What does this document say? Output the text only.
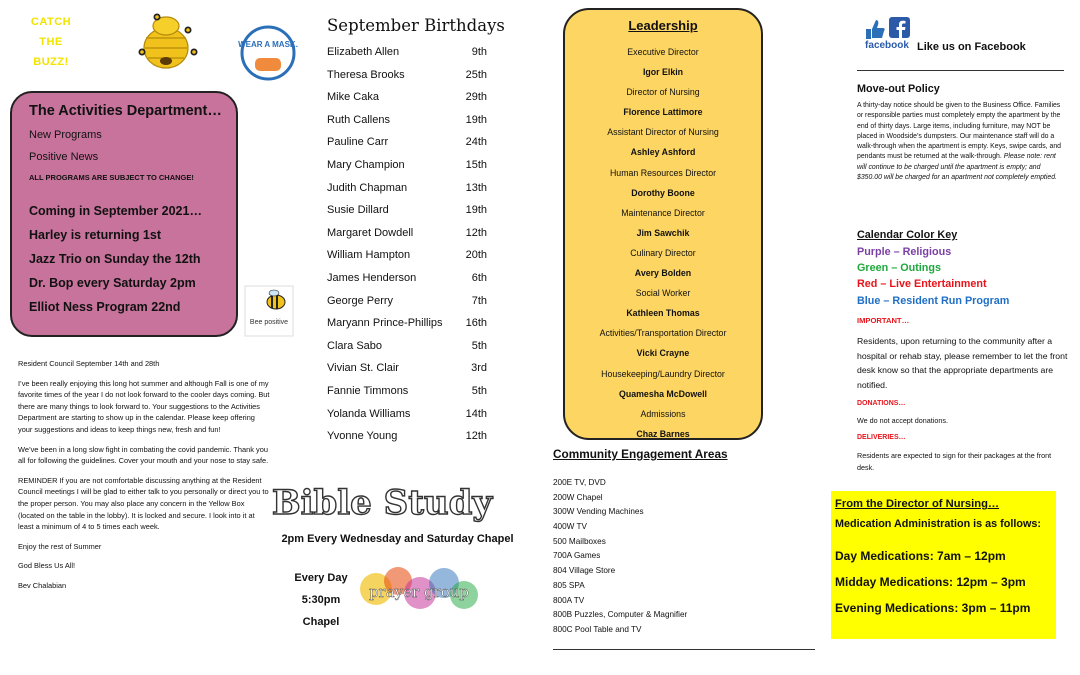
CATCH
THE
BUZZ!
WEAR A MASK.
The Activities Department…
New Programs
Positive News
ALL PROGRAMS ARE SUBJECT TO CHANGE!
Coming in September 2021…
Harley is returning 1st
Jazz Trio on Sunday the 12th
Dr. Bop every Saturday 2pm
Elliot Ness Program 22nd
Bee positive

Resident Council September 14th and 28th

I’ve been really enjoying this long hot summer and although Fall is one of my favorite times of the year I do not look forward to the cooler days coming. But there are many things to look forward to. Your suggestions to the Activities Department are starting to show up in the calendar. Please keep offering your suggestions and ideas to keep things new, fresh and fun!

We’ve been in a long slow fight in combating the covid pandemic. Thank you all for following the guidelines. Cover your mouth and your nose to stay safe.

REMINDER If you are not comfortable discussing anything at the Resident Council meetings I will be glad to either talk to you personally or direct you to the proper person. You may also place any concern in the Yellow Box (located on the table in the lobby). It is locked and secure. I look into it at least a minimum of 4 to 5 times each week.

Enjoy the rest of Summer

God Bless Us All!

Bev Chalabian

September Birthdays
Elizabeth Allen	9th
Theresa Brooks	25th
Mike Caka	29th
Ruth Callens	19th
Pauline Carr	24th
Mary Champion	15th
Judith Chapman	13th
Susie Dillard	19th
Margaret Dowdell	12th
William Hampton	20th
James Henderson	6th
George Perry	7th
Maryann Prince-Phillips 16th
Clara Sabo	5th
Vivian St. Clair	3rd
Fannie Timmons	5th
Yolanda Williams	14th
Yvonne Young	12th
Bible Study
2pm Every Wednesday and Saturday Chapel
Every Day
5:30pm
Chapel
prayer group
Leadership
Executive Director
Igor Elkin
Director of Nursing
Florence Lattimore
Assistant Director of Nursing
Ashley Ashford
Human Resources Director
Dorothy Boone
Maintenance Director
Jim Sawchik
Culinary Director
Avery Bolden
Social Worker
Kathleen Thomas
Activities/Transportation Director
Vicki Crayne
Housekeeping/Laundry Director
Quamesha McDowell
Admissions
Chaz Barnes
Community Engagement Areas
200E TV, DVD
200W Chapel
300W Vending Machines
400W TV
500 Mailboxes
700A Games
804 Village Store
805 SPA
800A TV
800B Puzzles, Computer & Magnifier
800C Pool Table and TV
facebook Like us on Facebook
Move-out Policy
A thirty-day notice should be given to the Business Office. Families or responsible parties must completely empty the apartment by the end of thirty days. Large items, including furniture, may NOT be placed in Woodside’s dumpsters. Our maintenance staff will do a walk-through when the apartment is empty. Keys, swipe cards, and pendants must be returned at the walk-through. Please note: rent will continue to be charged until the apartment is empty; and $350.00 will be charged for an apartment not completely emptied.
Calendar Color Key
Purple – Religious
Green – Outings
Red – Live Entertainment
Blue – Resident Run Program
IMPORTANT…
Residents, upon returning to the community after a hospital or rehab stay, please remember to let the front desk know so that the appropriate departments are notified.
DONATIONS…
We do not accept donations.
DELIVERIES…
Residents are expected to sign for their packages at the front desk.
From the Director of Nursing…
Medication Administration is as follows:
Day Medications: 7am – 12pm
Midday Medications: 12pm – 3pm
Evening Medications: 3pm – 11pm
